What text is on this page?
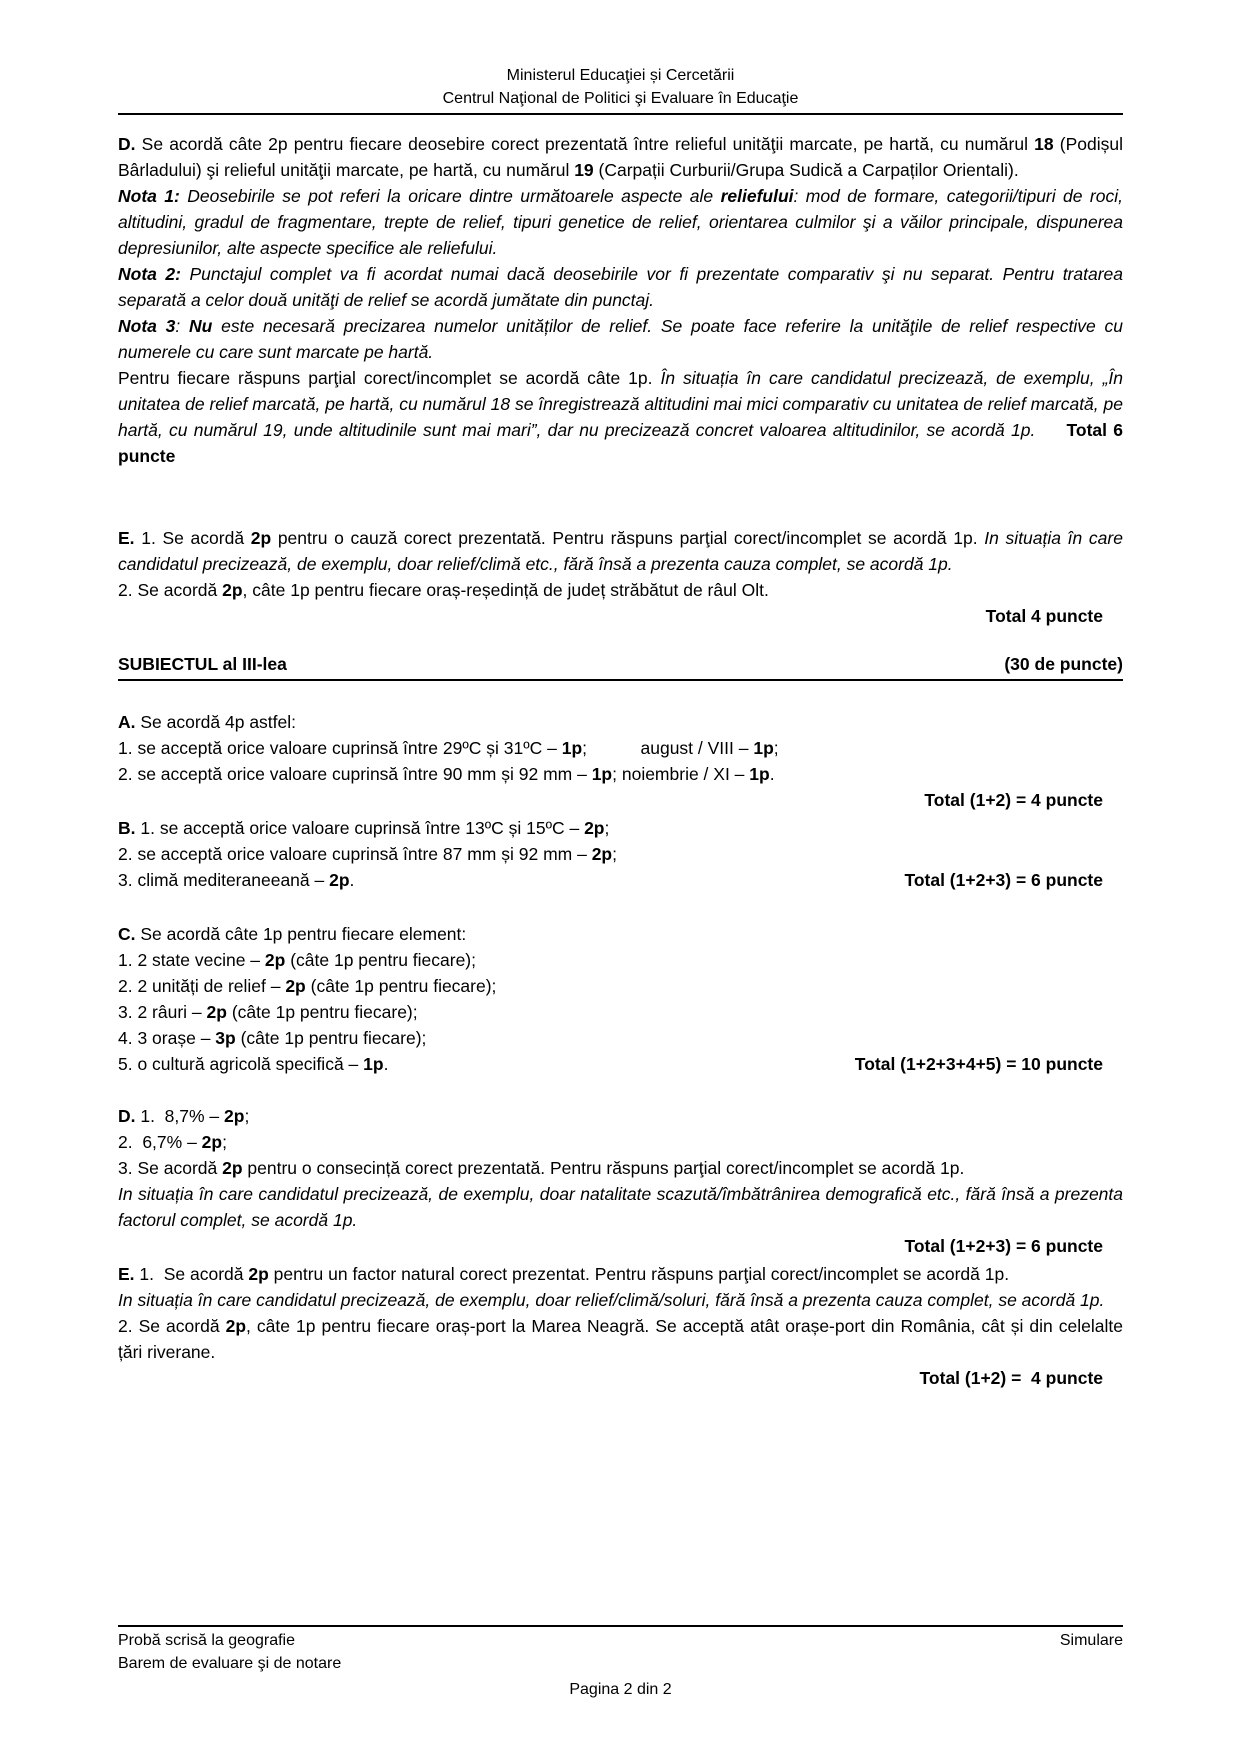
Ministerul Educaţiei și Cercetării
Centrul Naţional de Politici şi Evaluare în Educaţie

D. Se acordă câte 2p pentru fiecare deosebire corect prezentată între relieful unităţii marcate, pe hartă, cu numărul 18 (Podișul Bârladului) şi relieful unităţii marcate, pe hartă, cu numărul 19 (Carpații Curburii/Grupa Sudică a Carpaților Orientali).

Nota 1: Deosebirile se pot referi la oricare dintre următoarele aspecte ale reliefului: mod de formare, categorii/tipuri de roci, altitudini, gradul de fragmentare, trepte de relief, tipuri genetice de relief, orientarea culmilor şi a văilor principale, dispunerea depresiunilor, alte aspecte specifice ale reliefului.

Nota 2: Punctajul complet va fi acordat numai dacă deosebirile vor fi prezentate comparativ şi nu separat. Pentru tratarea separată a celor două unităţi de relief se acordă jumătate din punctaj.

Nota 3: Nu este necesară precizarea numelor unităților de relief. Se poate face referire la unităţile de relief respective cu numerele cu care sunt marcate pe hartă.

Pentru fiecare răspuns parţial corect/incomplet se acordă câte 1p. În situația în care candidatul precizează, de exemplu, „În unitatea de relief marcată, pe hartă, cu numărul 18 se înregistrează altitudini mai mici comparativ cu unitatea de relief marcată, pe hartă, cu numărul 19, unde altitudinile sunt mai mari”, dar nu precizează concret valoarea altitudinilor, se acordă 1p. Total 6 puncte

E. 1. Se acordă 2p pentru o cauză corect prezentată. Pentru răspuns parţial corect/incomplet se acordă 1p. In situația în care candidatul precizează, de exemplu, doar relief/climă etc., fără însă a prezenta cauza complet, se acordă 1p.

2. Se acordă 2p, câte 1p pentru fiecare oraș-reședință de județ străbătut de râul Olt.

Total 4 puncte

SUBIECTUL al III-lea	(30 de puncte)

A. Se acordă 4p astfel:

1. se acceptă orice valoare cuprinsă între 29ºC și 31ºC – 1p;           august / VIII – 1p;

2. se acceptă orice valoare cuprinsă între 90 mm și 92 mm – 1p; noiembrie / XI – 1p.

Total (1+2) = 4 puncte

B. 1. se acceptă orice valoare cuprinsă între 13ºC și 15ºC – 2p;

2. se acceptă orice valoare cuprinsă între 87 mm și 92 mm – 2p;

3. climă mediteraneeană – 2p.	Total (1+2+3) = 6 puncte

C. Se acordă câte 1p pentru fiecare element:

1. 2 state vecine – 2p (câte 1p pentru fiecare);

2. 2 unități de relief – 2p (câte 1p pentru fiecare);

3. 2 râuri – 2p (câte 1p pentru fiecare);

4. 3 orașe – 3p (câte 1p pentru fiecare);

5. o cultură agricolă specifică – 1p.	Total (1+2+3+4+5) = 10 puncte

D. 1.  8,7% – 2p;

2.  6,7% – 2p;

3. Se acordă 2p pentru o consecință corect prezentată. Pentru răspuns parţial corect/incomplet se acordă 1p.

In situația în care candidatul precizează, de exemplu, doar natalitate scazută/îmbătrânirea demografică etc., fără însă a prezenta factorul complet, se acordă 1p.

Total (1+2+3) = 6 puncte

E. 1.  Se acordă 2p pentru un factor natural corect prezentat. Pentru răspuns parţial corect/incomplet se acordă 1p.

In situația în care candidatul precizează, de exemplu, doar relief/climă/soluri, fără însă a prezenta cauza complet, se acordă 1p.

2. Se acordă 2p, câte 1p pentru fiecare oraș-port la Marea Neagră. Se acceptă atât orașe-port din România, cât și din celelalte țări riverane.

Total (1+2) =  4 puncte

Probă scrisă la geografie	Simulare
Barem de evaluare şi de notare
Pagina 2 din 2
